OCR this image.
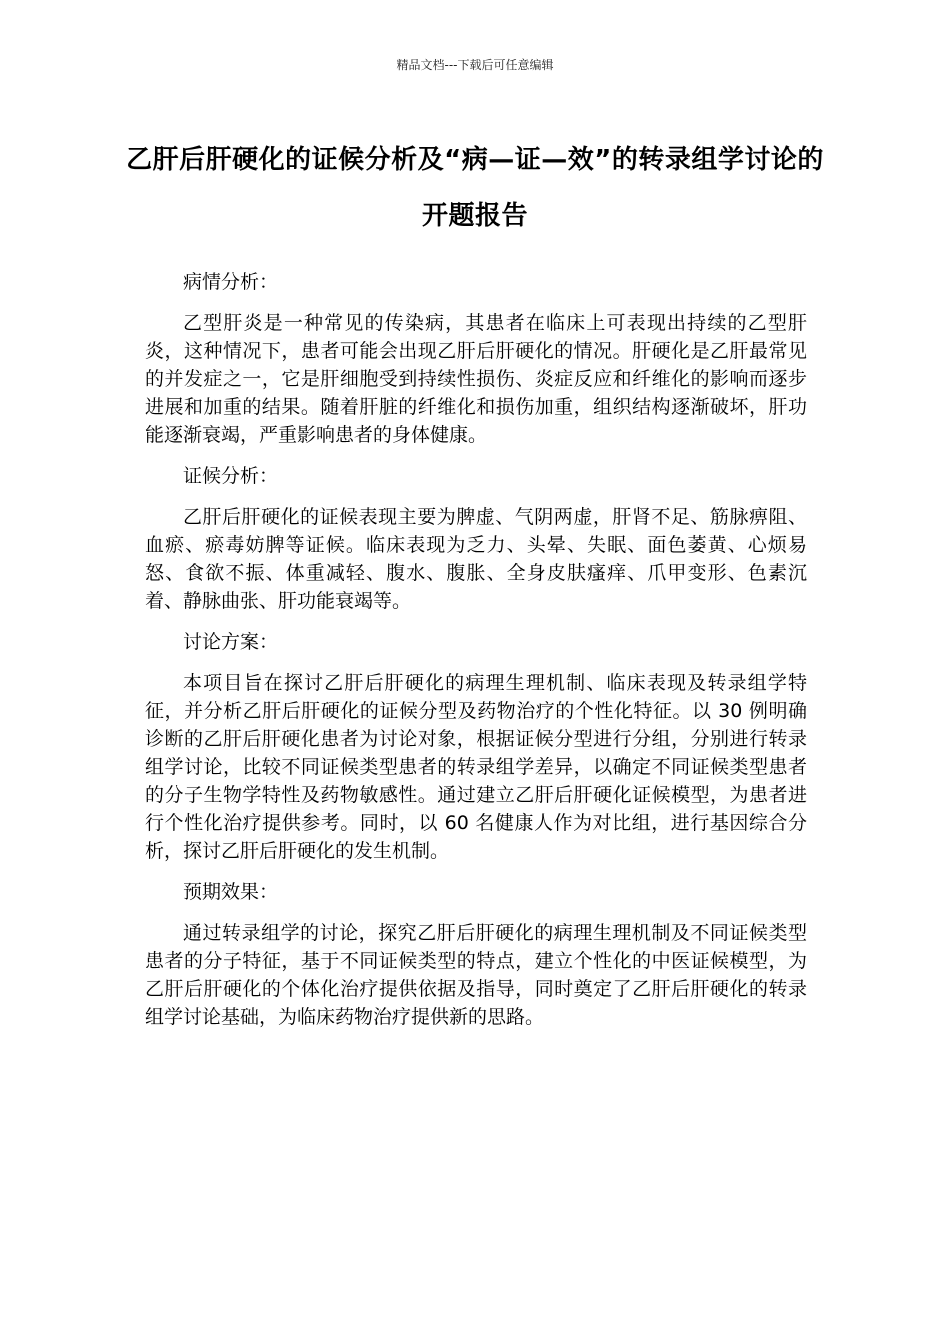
精品文档---下载后可任意编辑
乙肝后肝硬化的证候分析及“病—证—效”的转录组学讨论的开题报告

病情分析：

乙型肝炎是一种常见的传染病，其患者在临床上可表现出持续的乙型肝炎，这种情况下，患者可能会出现乙肝后肝硬化的情况。肝硬化是乙肝最常见的并发症之一，它是肝细胞受到持续性损伤、炎症反应和纤维化的影响而逐步进展和加重的结果。随着肝脏的纤维化和损伤加重，组织结构逐渐破坏，肝功能逐渐衰竭，严重影响患者的身体健康。

证候分析：

乙肝后肝硬化的证候表现主要为脾虚、气阴两虚，肝肾不足、筋脉痹阻、血瘀、瘀毒妨脾等证候。临床表现为乏力、头晕、失眠、面色萎黄、心烦易怒、食欲不振、体重减轻、腹水、腹胀、全身皮肤瘙痒、爪甲变形、色素沉着、静脉曲张、肝功能衰竭等。

讨论方案：

本项目旨在探讨乙肝后肝硬化的病理生理机制、临床表现及转录组学特征，并分析乙肝后肝硬化的证候分型及药物治疗的个性化特征。以 30 例明确诊断的乙肝后肝硬化患者为讨论对象，根据证候分型进行分组，分别进行转录组学讨论，比较不同证候类型患者的转录组学差异，以确定不同证候类型患者的分子生物学特性及药物敏感性。通过建立乙肝后肝硬化证候模型，为患者进行个性化治疗提供参考。同时，以 60 名健康人作为对比组，进行基因综合分析，探讨乙肝后肝硬化的发生机制。

预期效果：

通过转录组学的讨论，探究乙肝后肝硬化的病理生理机制及不同证候类型患者的分子特征，基于不同证候类型的特点，建立个性化的中医证候模型，为乙肝后肝硬化的个体化治疗提供依据及指导，同时奠定了乙肝后肝硬化的转录组学讨论基础，为临床药物治疗提供新的思路。
